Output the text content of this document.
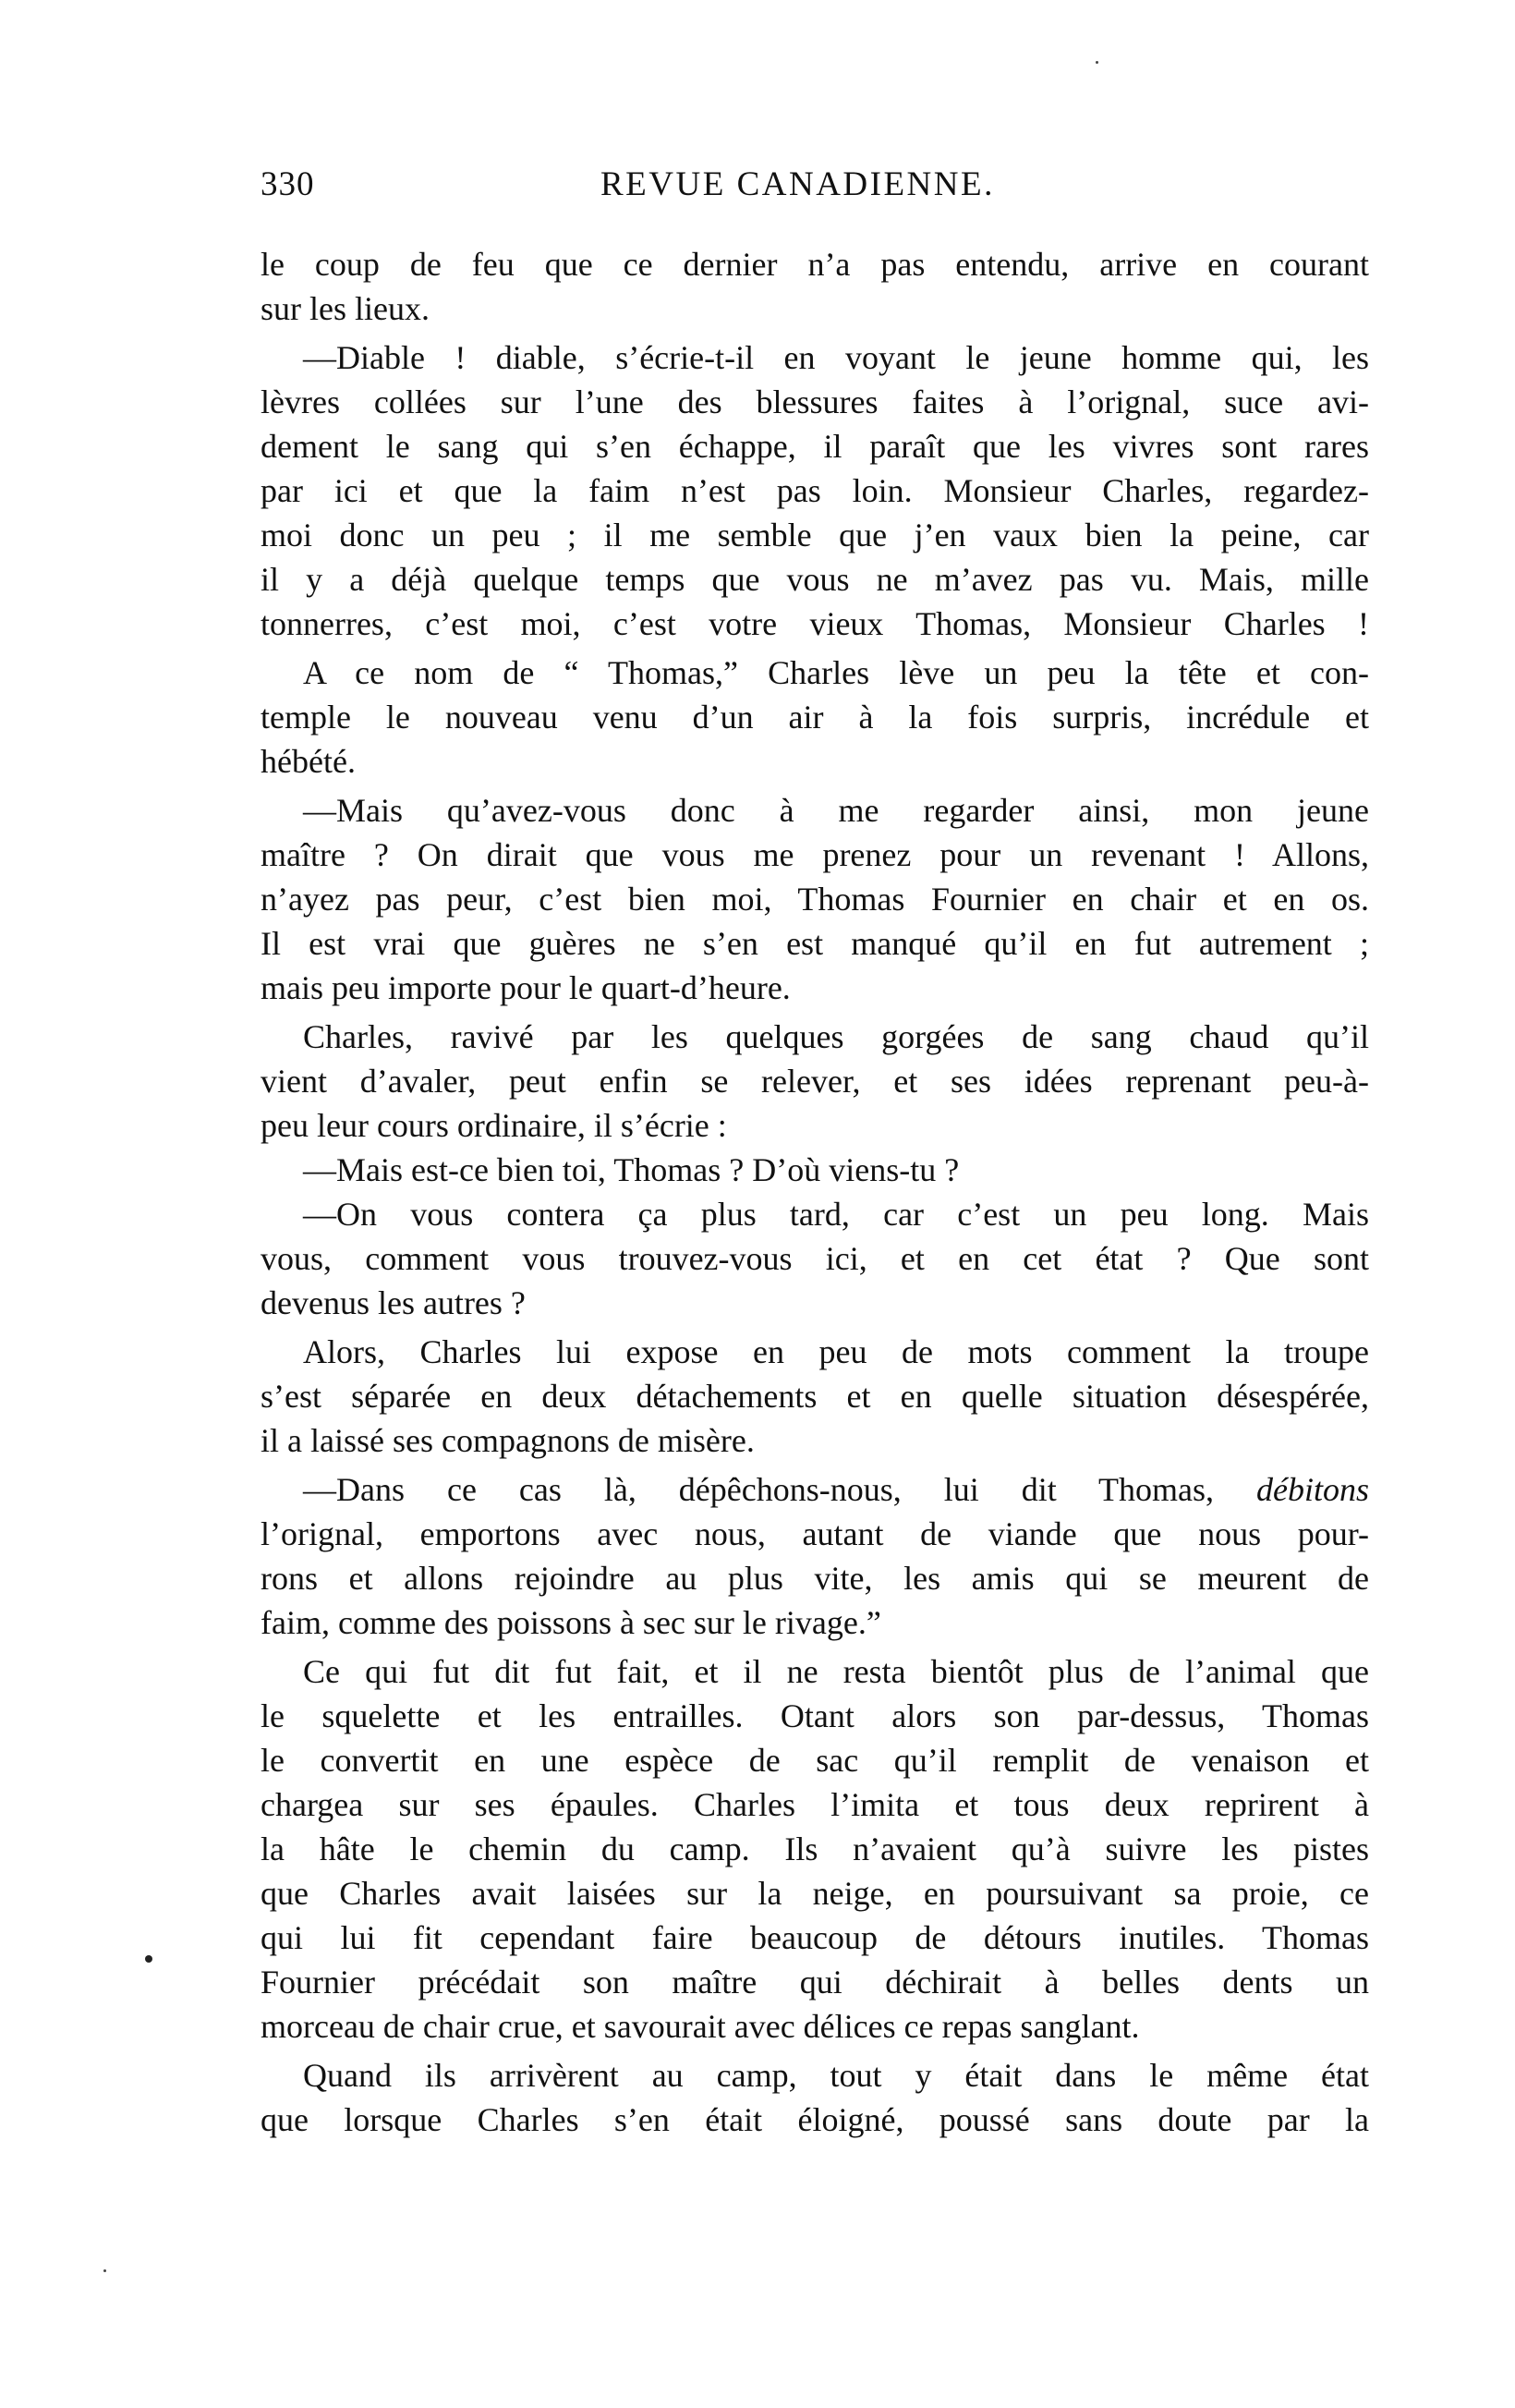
330	REVUE CANADIENNE.
le coup de feu que ce dernier n’a pas entendu, arrive en courant
sur les lieux.
—Diable ! diable, s’écrie-t-il en voyant le jeune homme qui, les
lèvres collées sur l’une des blessures faites à l’orignal, suce avi-
dement le sang qui s’en échappe, il paraît que les vivres sont rares
par ici et que la faim n’est pas loin. Monsieur Charles, regardez-
moi donc un peu ; il me semble que j’en vaux bien la peine, car
il y a déjà quelque temps que vous ne m’avez pas vu. Mais, mille
tonnerres, c’est moi, c’est votre vieux Thomas, Monsieur Charles !
A ce nom de “ Thomas,” Charles lève un peu la tête et con-
temple le nouveau venu d’un air à la fois surpris, incrédule et
hébété.
—Mais qu’avez-vous donc à me regarder ainsi, mon jeune
maître ? On dirait que vous me prenez pour un revenant ! Allons,
n’ayez pas peur, c’est bien moi, Thomas Fournier en chair et en os.
Il est vrai que guères ne s’en est manqué qu’il en fut autrement ;
mais peu importe pour le quart-d’heure.
Charles, ravivé par les quelques gorgées de sang chaud qu’il
vient d’avaler, peut enfin se relever, et ses idées reprenant peu-à-
peu leur cours ordinaire, il s’écrie :
—Mais est-ce bien toi, Thomas ? D’où viens-tu ?
—On vous contera ça plus tard, car c’est un peu long. Mais
vous, comment vous trouvez-vous ici, et en cet état ? Que sont
devenus les autres ?
Alors, Charles lui expose en peu de mots comment la troupe
s’est séparée en deux détachements et en quelle situation désespérée,
il a laissé ses compagnons de misère.
—Dans ce cas là, dépêchons-nous, lui dit Thomas, débitons
l’orignal, emportons avec nous, autant de viande que nous pour-
rons et allons rejoindre au plus vite, les amis qui se meurent de
faim, comme des poissons à sec sur le rivage.”
Ce qui fut dit fut fait, et il ne resta bientôt plus de l’animal que
le squelette et les entrailles. Otant alors son par-dessus, Thomas
le convertit en une espèce de sac qu’il remplit de venaison et
chargea sur ses épaules. Charles l’imita et tous deux reprirent à
la hâte le chemin du camp. Ils n’avaient qu’à suivre les pistes
que Charles avait laisées sur la neige, en poursuivant sa proie, ce
qui lui fit cependant faire beaucoup de détours inutiles. Thomas
Fournier précédait son maître qui déchirait à belles dents un
morceau de chair crue, et savourait avec délices ce repas sanglant.
Quand ils arrivèrent au camp, tout y était dans le même état
que lorsque Charles s’en était éloigné, poussé sans doute par la
